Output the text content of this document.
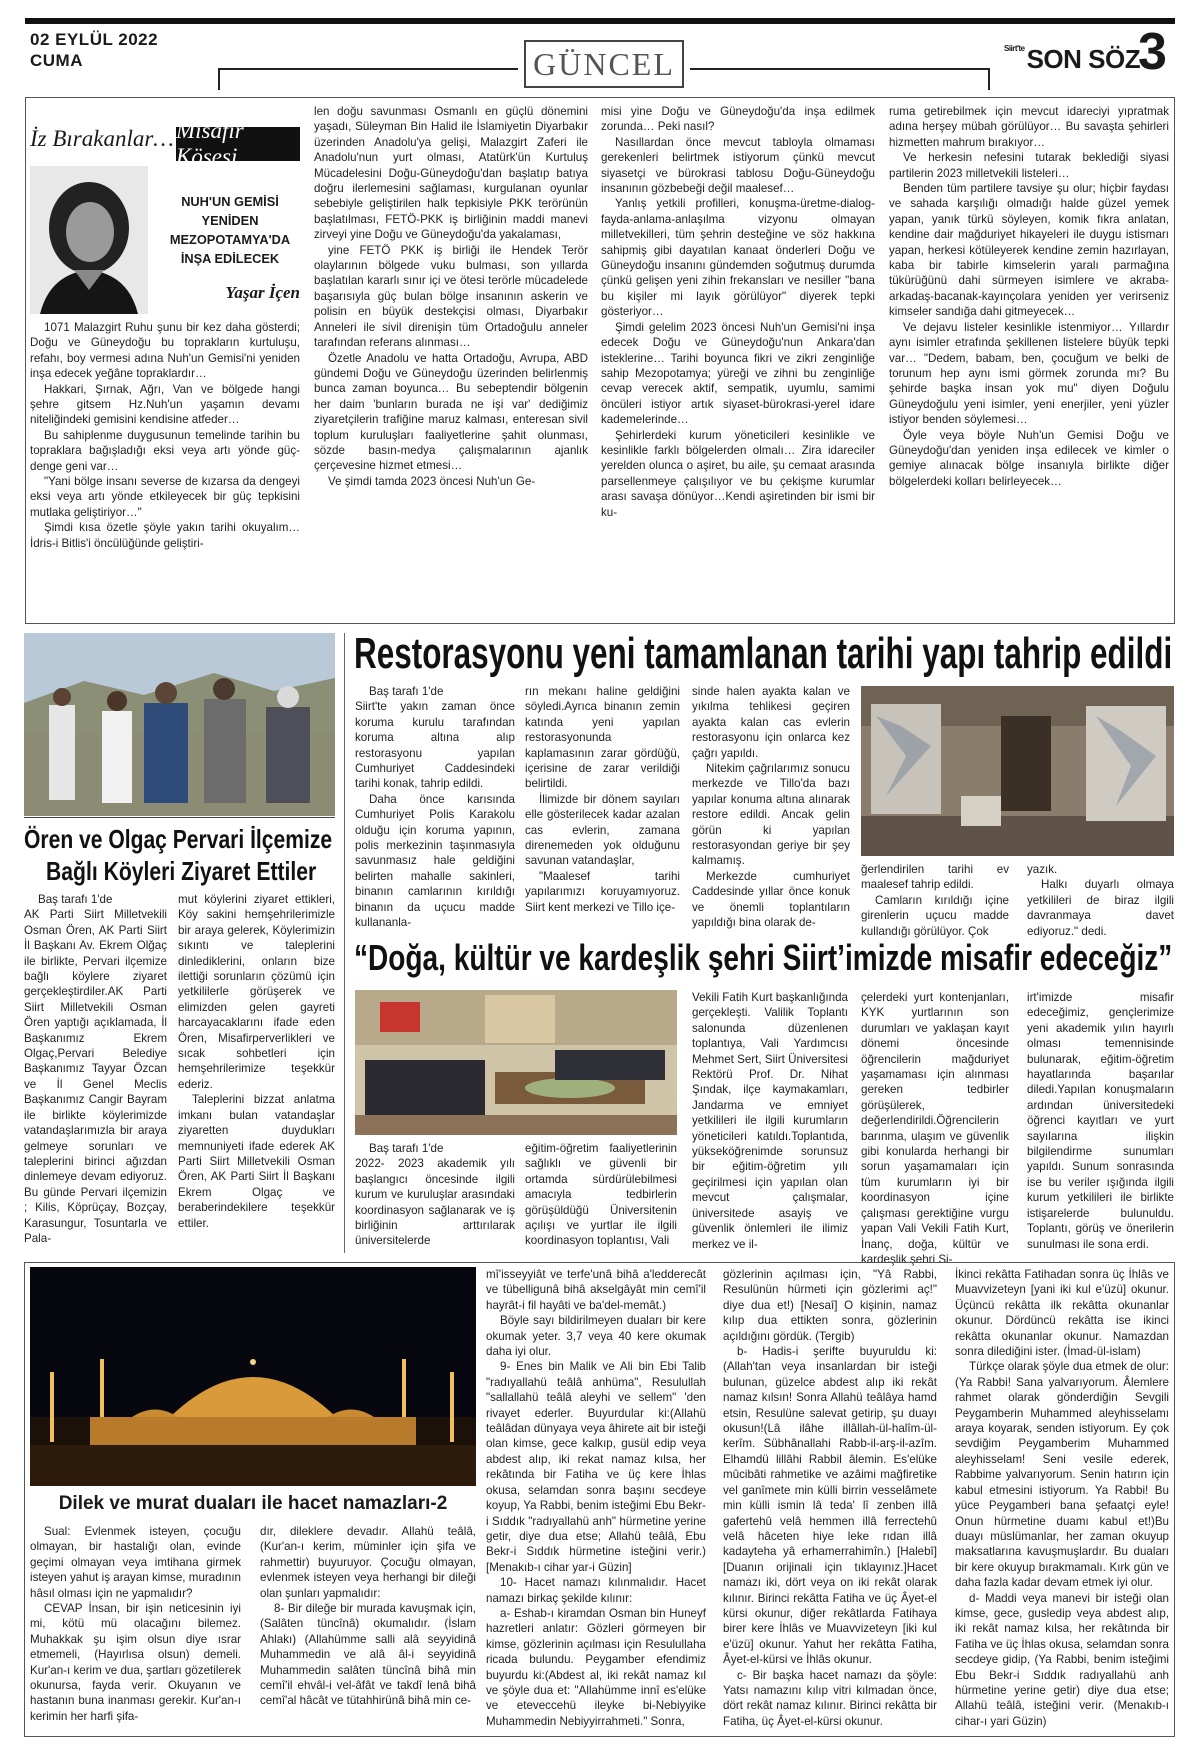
02 EYLÜL 2022
CUMA	GÜNCEL	Siirt'teSON SÖZ
3
İz Bırakanlar… Misafir Köşesi
NUH'UN GEMİSİ YENİDEN MEZOPOTAMYA'DA İNŞA EDİLECEK
Yaşar İçen

1071 Malazgirt Ruhu şunu bir kez daha gösterdi; Doğu ve Güneydoğu bu toprakların kurtuluşu, refahı, boy vermesi adına Nuh'un Gemisi'ni yeniden inşa edecek yeğâne topraklardır…

Hakkari, Şırnak, Ağrı, Van ve bölgede hangi şehre gitsem Hz.Nuh'un yaşamın devamı niteliğindeki gemisini kendisine atfeder…

Bu sahiplenme duygusunun temelinde tarihin bu topraklara bağışladığı eksi veya artı yönde güç-denge geni var…

"Yani bölge insanı severse de kızarsa da dengeyi eksi veya artı yönde etkileyecek bir güç tepkisini mutlaka geliştiriyor…"

Şimdi kısa özetle şöyle yakın tarihi okuyalım… İdris-i Bitlis'i öncülüğünde geliştiri-

len doğu savunması Osmanlı en güçlü dönemini yaşadı, Süleyman Bin Halid ile İslamiyetin Diyarbakır üzerinden Anadolu'ya gelişi, Malazgirt Zaferi ile Anadolu'nun yurt olması, Atatürk'ün Kurtuluş Mücadelesini Doğu-Güneydoğu'dan başlatıp batıya doğru ilerlemesini sağlaması, kurgulanan oyunlar sebebiyle geliştirilen halk tepkisiyle PKK terörünün başlatılması, FETÖ-PKK iş birliğinin maddi manevi zirveyi yine Doğu ve Güneydoğu'da yakalaması,

yine FETÖ PKK iş birliği ile Hendek Terör olaylarının bölgede vuku bulması, son yıllarda başlatılan kararlı sınır içi ve ötesi terörle mücadelede başarısıyla güç bulan bölge insanının askerin ve polisin en büyük destekçisi olması, Diyarbakır Anneleri ile sivil direnişin tüm Ortadoğulu anneler tarafından referans alınması…

Özetle Anadolu ve hatta Ortadoğu, Avrupa, ABD gündemi Doğu ve Güneydoğu üzerinden belirlenmiş bunca zaman boyunca… Bu sebeptendir bölgenin her daim 'bunların burada ne işi var' dediğimiz ziyaretçilerin trafiğine maruz kalması, enteresan sivil toplum kuruluşları faaliyetlerine şahit olunması, sözde basın-medya çalışmalarının ajanlık çerçevesine hizmet etmesi…

Ve şimdi tamda 2023 öncesi Nuh'un Ge-

misi yine Doğu ve Güneydoğu'da inşa edilmek zorunda… Peki nasıl?

Nasıllardan önce mevcut tabloyla olmaması gerekenleri belirtmek istiyorum çünkü mevcut siyasetçi ve bürokrasi tablosu Doğu-Güneydoğu insanının gözbebeği değil maalesef…

Yanlış yetkili profilleri, konuşma-üretme-dialog-fayda-anlama-anlaşılma vizyonu olmayan milletvekilleri, tüm şehrin desteğine ve söz hakkına sahipmiş gibi dayatılan kanaat önderleri Doğu ve Güneydoğu insanını gündemden soğutmuş durumda çünkü gelişen yeni zihin frekansları ve nesiller "bana bu kişiler mi layık görülüyor" diyerek tepki gösteriyor…

Şimdi gelelim 2023 öncesi Nuh'un Gemisi'ni inşa edecek Doğu ve Güneydoğu'nun Ankara'dan isteklerine… Tarihi boyunca fikri ve zikri zenginliğe sahip Mezopotamya; yüreği ve zihni bu zenginliğe cevap verecek aktif, sempatik, uyumlu, samimi öncüleri istiyor artık siyaset-bürokrasi-yerel idare kademelerinde…

Şehirlerdeki kurum yöneticileri kesinlikle ve kesinlikle farklı bölgelerden olmalı… Zira idareciler yerelden olunca o aşiret, bu aile, şu cemaat arasında parsellenmeye çalışılıyor ve bu çekişme kurumlar arası savaşa dönüyor…Kendi aşiretinden bir ismi bir ku-

ruma getirebilmek için mevcut idareciyi yıpratmak adına herşey mübah görülüyor… Bu savaşta şehirleri hizmetten mahrum bırakıyor…

Ve herkesin nefesini tutarak beklediği siyasi partilerin 2023 milletvekili listeleri…

Benden tüm partilere tavsiye şu olur; hiçbir faydası ve sahada karşılığı olmadığı halde güzel yemek yapan, yanık türkü söyleyen, komik fıkra anlatan, kendine dair mağduriyet hikayeleri ile duygu istismarı yapan, herkesi kötüleyerek kendine zemin hazırlayan, kaba bir tabirle kimselerin yaralı parmağına tükürüğünü dahi sürmeyen isimlere ve akraba-arkadaş-bacanak-kayınçolara yeniden yer verirseniz kimseler sandığa dahi gitmeyecek…

Ve dejavu listeler kesinlikle istenmiyor… Yıllardır aynı isimler etrafında şekillenen listelere büyük tepki var… "Dedem, babam, ben, çocuğum ve belki de torunum hep aynı ismi görmek zorunda mı? Bu şehirde başka insan yok mu" diyen Doğulu Güneydoğulu yeni isimler, yeni enerjiler, yeni yüzler istiyor benden söylemesi…

Öyle veya böyle Nuh'un Gemisi Doğu ve Güneydoğu'dan yeniden inşa edilecek ve kimler o gemiye alınacak bölge insanıyla birlikte diğer bölgelerdeki kolları belirleyecek…

Ören ve Olgaç Pervari İlçemize
Bağlı Köyleri Ziyaret Ettiler

Baş tarafı 1'de

AK Parti Siirt Milletvekili Osman Ören, AK Parti Siirt İl Başkanı Av. Ekrem Olğaç ile birlikte, Pervari ilçemize bağlı köylere ziyaret gerçekleştirdiler.AK Parti Siirt Milletvekili Osman Ören yaptığı açıklamada, İl Başkanımız Ekrem Olgaç,Pervari Belediye Başkanımız Tayyar Özcan ve İl Genel Meclis Başkanımız Cangir Bayram ile birlikte köylerimizde vatandaşlarımızla bir araya gelmeye sorunları ve taleplerini birinci ağızdan dinlemeye devam ediyoruz. Bu günde Pervari ilçemizin ; Kilis, Köprüçay, Bozçay, Karasungur, Tosuntarla ve Pala-

mut köylerini ziyaret ettikleri, Köy sakini hemşehrilerimizle bir araya gelerek, Köylerimizin sıkıntı ve taleplerini dinlediklerini, onların bize ilettiği sorunların çözümü için yetkililerle görüşerek ve elimizden gelen gayreti harcayacaklarını ifade eden Ören, Misafirperverlikleri ve sıcak sohbetleri için hemşehrilerimize teşekkür ederiz.

Taleplerini bizzat anlatma imkanı bulan vatandaşlar ziyaretten duydukları memnuniyeti ifade ederek AK Parti Siirt Milletvekili Osman Ören, AK Parti Siirt İl Başkanı Ekrem Olgaç ve beraberindekilere teşekkür ettiler.

Restorasyonu yeni tamamlanan tarihi yapı tahrip edildi

Baş tarafı 1'de

Siirt'te yakın zaman önce koruma kurulu tarafından koruma altına alıp restorasyonu yapılan Cumhuriyet Caddesindeki tarihi konak, tahrip edildi.

Daha önce karısında Cumhuriyet Polis Karakolu olduğu için koruma yapının, polis merkezinin taşınmasıyla savunmasız hale geldiğini belirten mahalle sakinleri, binanın camlarının kırıldığı binanın da uçucu madde kullananla-

rın mekanı haline geldiğini söyledi.Ayrıca binanın zemin katında yeni yapılan restorasyonunda kaplamasının zarar gördüğü, içerisine de zarar verildiği belirtildi.

İlimizde bir dönem sayıları elle gösterilecek kadar azalan cas evlerin, zamana direnemeden yok olduğunu savunan vatandaşlar,

"Maalesef tarihi yapılarımızı koruyamıyoruz. Siirt kent merkezi ve Tillo içe-

sinde halen ayakta kalan ve yıkılma tehlikesi geçiren ayakta kalan cas evlerin restorasyonu için onlarca kez çağrı yapıldı.

Nitekim çağrılarımız sonucu merkezde ve Tillo'da bazı yapılar konuma altına alınarak restore edildi. Ancak gelin görün ki yapılan restorasyondan geriye bir şey kalmamış.

Merkezde cumhuriyet Caddesinde yıllar önce konuk ve önemli toplantıların yapıldığı bina olarak de-

ğerlendirilen tarihi ev maalesef tahrip edildi.

Camların kırıldığı içine girenlerin uçucu madde kullandığı görülüyor. Çok

yazık.

Halkı duyarlı olmaya yetkilileri de biraz ilgili davranmaya davet ediyoruz." dedi.

“Doğa, kültür ve kardeşlik şehri Siirt’imizde misafir edeceğiz”

Baş tarafı 1'de

2022- 2023 akademik yılı başlangıcı öncesinde ilgili kurum ve kuruluşlar arasındaki koordinasyon sağlanarak ve iş birliğinin arttırılarak üniversitelerde

eğitim-öğretim faaliyetlerinin sağlıklı ve güvenli bir ortamda sürdürülebilmesi amacıyla tedbirlerin görüşüldüğü Üniversitenin açılışı ve yurtlar ile ilgili koordinasyon toplantısı, Vali

Vekili Fatih Kurt başkanlığında gerçekleşti. Valilik Toplantı salonunda düzenlenen toplantıya, Vali Yardımcısı Mehmet Sert, Siirt Üniversitesi Rektörü Prof. Dr. Nihat Şındak, ilçe kaymakamları, Jandarma ve emniyet yetkilileri ile ilgili kurumların yöneticileri katıldı.Toplantıda, yükseköğrenimde sorunsuz bir eğitim-öğretim yılı geçirilmesi için yapılan olan mevcut çalışmalar, üniversitede asayiş ve güvenlik önlemleri ile ilimiz merkez ve il-

çelerdeki yurt kontenjanları, KYK yurtlarının son durumları ve yaklaşan kayıt dönemi öncesinde öğrencilerin mağduriyet yaşamaması için alınması gereken tedbirler görüşülerek, değerlendirildi.Öğrencilerin barınma, ulaşım ve güvenlik gibi konularda herhangi bir sorun yaşamamaları için tüm kurumların iyi bir koordinasyon içine çalışması gerektiğine vurgu yapan Vali Vekili Fatih Kurt, İnanç, doğa, kültür ve kardeşlik şehri Si-

irt'imizde misafir edeceğimiz, gençlerimize yeni akademik yılın hayırlı olması temennisinde bulunarak, eğitim-öğretim hayatlarında başarılar diledi.Yapılan konuşmaların ardından üniversitedeki öğrenci kayıtları ve yurt sayılarına ilişkin bilgilendirme sunumları yapıldı. Sunum sonrasında ise bu veriler ışığında ilgili kurum yetkilileri ile birlikte istişarelerde bulunuldu. Toplantı, görüş ve önerilerin sunulması ile sona erdi.

Dilek ve murat duaları ile hacet namazları-2

Sual: Evlenmek isteyen, çocuğu olmayan, bir hastalığı olan, evinde geçimi olmayan veya imtihana girmek isteyen yahut iş arayan kimse, muradının hâsıl olması için ne yapmalıdır?

CEVAP İnsan, bir işin neticesinin iyi mi, kötü mü olacağını bilemez. Muhakkak şu işim olsun diye ısrar etmemeli, (Hayırlısa olsun) demeli. Kur'an-ı kerim ve dua, şartları gözetilerek okunursa, fayda verir. Okuyanın ve hastanın buna inanması gerekir. Kur'an-ı kerimin her harfi şifa-

dır, dileklere devadır. Allahü teâlâ, (Kur'an-ı kerim, müminler için şifa ve rahmettir) buyuruyor. Çocuğu olmayan, evlenmek isteyen veya herhangi bir dileği olan şunları yapmalıdır:

8- Bir dileğe bir murada kavuşmak için, (Salâten tüncînâ) okumalıdır. (İslam Ahlakı) (Allahümme salli alâ seyyidinâ Muhammedin ve alâ âl-i seyyidinâ Muhammedin salâten tüncînâ bihâ min cemî'il ehvâl-i vel-âfât ve takdî lenâ bihâ cemî'al hâcât ve tütahhirünâ bihâ min ce-

mî'isseyyiât ve terfe'unâ bihâ a'ledderecât ve tübelligunâ bihâ akselgâyât min cemî'il hayrât-i fil hayâti ve ba'del-memât.)

Böyle sayı bildirilmeyen duaları bir kere okumak yeter. 3,7 veya 40 kere okumak daha iyi olur.

9- Enes bin Malik ve Ali bin Ebi Talib "radıyallahü teâlâ anhüma", Resulullah "sallallahü teâlâ aleyhi ve sellem" 'den rivayet ederler. Buyurdular ki:(Allahü teâlâdan dünyaya veya âhirete ait bir isteği olan kimse, gece kalkıp, gusül edip veya abdest alıp, iki rekat namaz kılsa, her rekâtında bir Fatiha ve üç kere İhlas okusa, selamdan sonra başını secdeye koyup, Ya Rabbi, benim isteğimi Ebu Bekr-i Sıddık "radıyallahü anh" hürmetine yerine getir, diye dua etse; Allahü teâlâ, Ebu Bekr-i Sıddık hürmetine isteğini verir.) [Menakıb-ı cihar yar-i Güzin]

10- Hacet namazı kılınmalıdır. Hacet namazı birkaç şekilde kılınır:

a- Eshab-ı kiramdan Osman bin Huneyf hazretleri anlatır: Gözleri görmeyen bir kimse, gözlerinin açılması için Resulullaha ricada bulundu. Peygamber efendimiz buyurdu ki:(Abdest al, iki rekât namaz kıl ve şöyle dua et: "Allahümme innî es'elüke ve eteveccehü ileyke bi-Nebiyyike Muhammedin Nebiyyirrahmeti." Sonra,

gözlerinin açılması için, "Yâ Rabbi, Resulünün hürmeti için gözlerimi aç!" diye dua et!) [Nesaî] O kişinin, namaz kılıp dua ettikten sonra, gözlerinin açıldığını gördük. (Tergib)

b- Hadis-i şerifte buyuruldu ki: (Allah'tan veya insanlardan bir isteği bulunan, güzelce abdest alıp iki rekât namaz kılsın! Sonra Allahü teâlâya hamd etsin, Resulüne salevat getirip, şu duayı okusun!(Lâ ilâhe illâllah-ül-halîm-ül-kerîm. Sübhânallahi Rabb-il-arş-il-azîm. Elhamdü lillâhi Rabbil âlemin. Es'elüke mûcibâti rahmetike ve azâimi mağfiretike vel ganîmete min külli birrin vesselâmete min külli ismin lâ teda' lî zenben illâ gafertehû velâ hemmen illâ ferrectehû velâ hâceten hiye leke rıdan illâ kadayteha yâ erhamerrahimîn.) [Halebî] [Duanın orijinali için tıklayınız.]Hacet namazı iki, dört veya on iki rekât olarak kılınır. Birinci rekâtta Fatiha ve üç Âyet-el kürsi okunur, diğer rekâtlarda Fatihaya birer kere İhlâs ve Muavvizeteyn [iki kul e'üzü] okunur. Yahut her rekâtta Fatiha, Âyet-el-kürsi ve İhlâs okunur.

c- Bir başka hacet namazı da şöyle: Yatsı namazını kılıp vitri kılmadan önce, dört rekât namaz kılınır. Birinci rekâtta bir Fatiha, üç Âyet-el-kürsi okunur.

İkinci rekâtta Fatihadan sonra üç İhlâs ve Muavvizeteyn [yani iki kul e'üzü] okunur. Üçüncü rekâtta ilk rekâtta okunanlar okunur. Dördüncü rekâtta ise ikinci rekâtta okunanlar okunur. Namazdan sonra dilediğini ister. (İmad-ül-islam)

Türkçe olarak şöyle dua etmek de olur:(Ya Rabbi! Sana yalvarıyorum. Âlemlere rahmet olarak gönderdiğin Sevgili Peygamberin Muhammed aleyhisselamı araya koyarak, senden istiyorum. Ey çok sevdiğim Peygamberim Muhammed aleyhisselam! Seni vesile ederek, Rabbime yalvarıyorum. Senin hatırın için kabul etmesini istiyorum. Ya Rabbi! Bu yüce Peygamberi bana şefaatçi eyle! Onun hürmetine duamı kabul et!)Bu duayı müslümanlar, her zaman okuyup maksatlarına kavuşmuşlardır. Bu duaları bir kere okuyup bırakmamalı. Kırk gün ve daha fazla kadar devam etmek iyi olur.

d- Maddi veya manevi bir isteği olan kimse, gece, gusledip veya abdest alıp, iki rekât namaz kılsa, her rekâtında bir Fatiha ve üç İhlas okusa, selamdan sonra secdeye gidip, (Ya Rabbi, benim isteğimi Ebu Bekr-i Sıddık radıyallahü anh hürmetine yerine getir) diye dua etse; Allahü teâlâ, isteğini verir. (Menakıb-ı cihar-ı yari Güzin)
